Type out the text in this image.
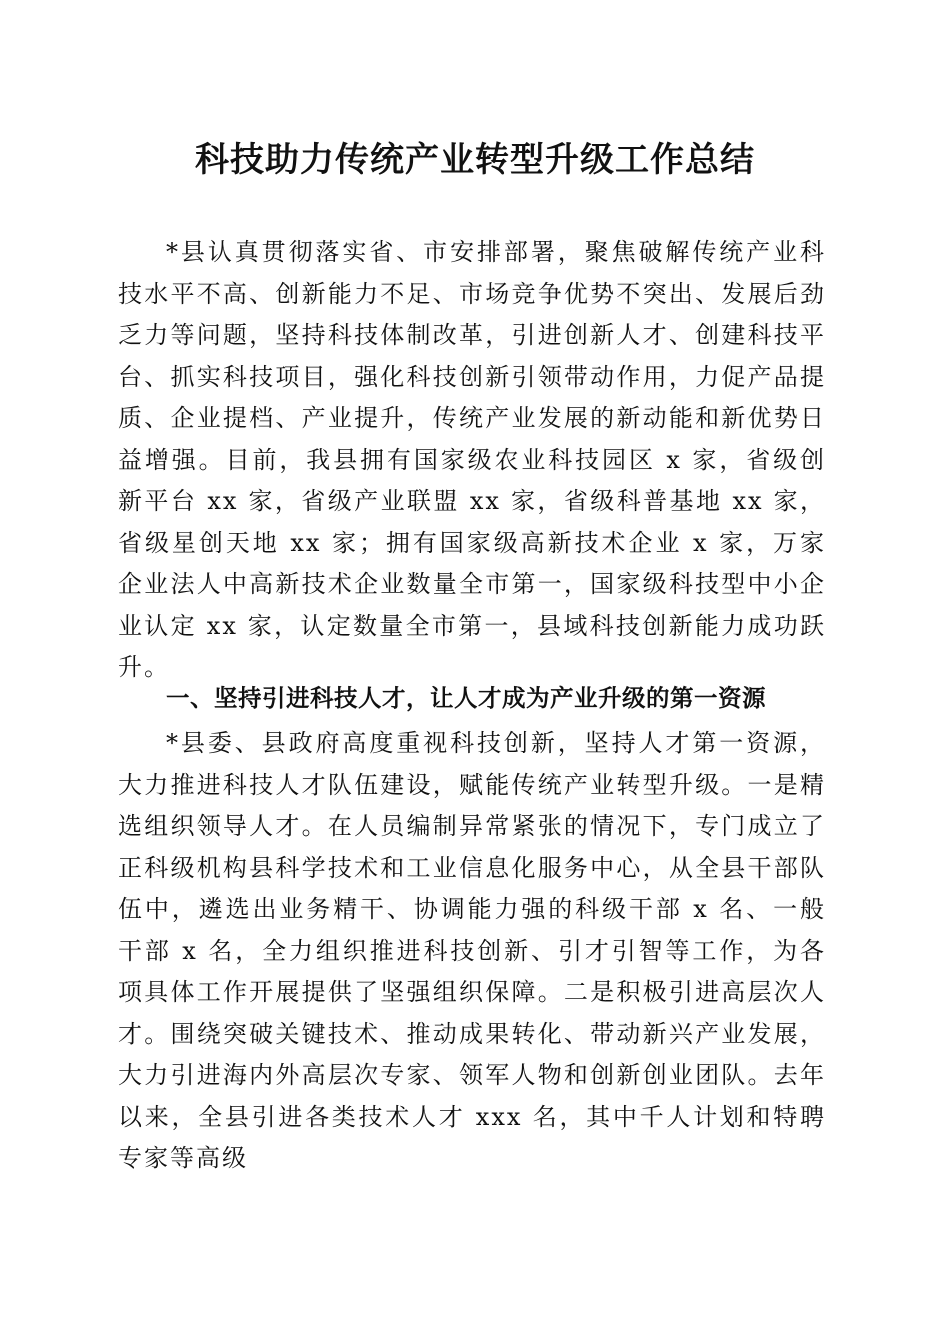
科技助力传统产业转型升级工作总结

*县认真贯彻落实省、市安排部署，聚焦破解传统产业科技水平不高、创新能力不足、市场竞争优势不突出、发展后劲乏力等问题，坚持科技体制改革，引进创新人才、创建科技平台、抓实科技项目，强化科技创新引领带动作用，力促产品提质、企业提档、产业提升，传统产业发展的新动能和新优势日益增强。目前，我县拥有国家级农业科技园区 x 家，省级创新平台 xx 家，省级产业联盟 xx 家，省级科普基地 xx 家，省级星创天地 xx 家；拥有国家级高新技术企业 x 家，万家企业法人中高新技术企业数量全市第一，国家级科技型中小企业认定 xx 家，认定数量全市第一，县域科技创新能力成功跃升。

一、坚持引进科技人才，让人才成为产业升级的第一资源

*县委、县政府高度重视科技创新，坚持人才第一资源，大力推进科技人才队伍建设，赋能传统产业转型升级。一是精选组织领导人才。在人员编制异常紧张的情况下，专门成立了正科级机构县科学技术和工业信息化服务中心，从全县干部队伍中，遴选出业务精干、协调能力强的科级干部 x 名、一般干部 x 名，全力组织推进科技创新、引才引智等工作，为各项具体工作开展提供了坚强组织保障。二是积极引进高层次人才。围绕突破关键技术、推动成果转化、带动新兴产业发展，大力引进海内外高层次专家、领军人物和创新创业团队。去年以来，全县引进各类技术人才 xxx 名，其中千人计划和特聘专家等高级
